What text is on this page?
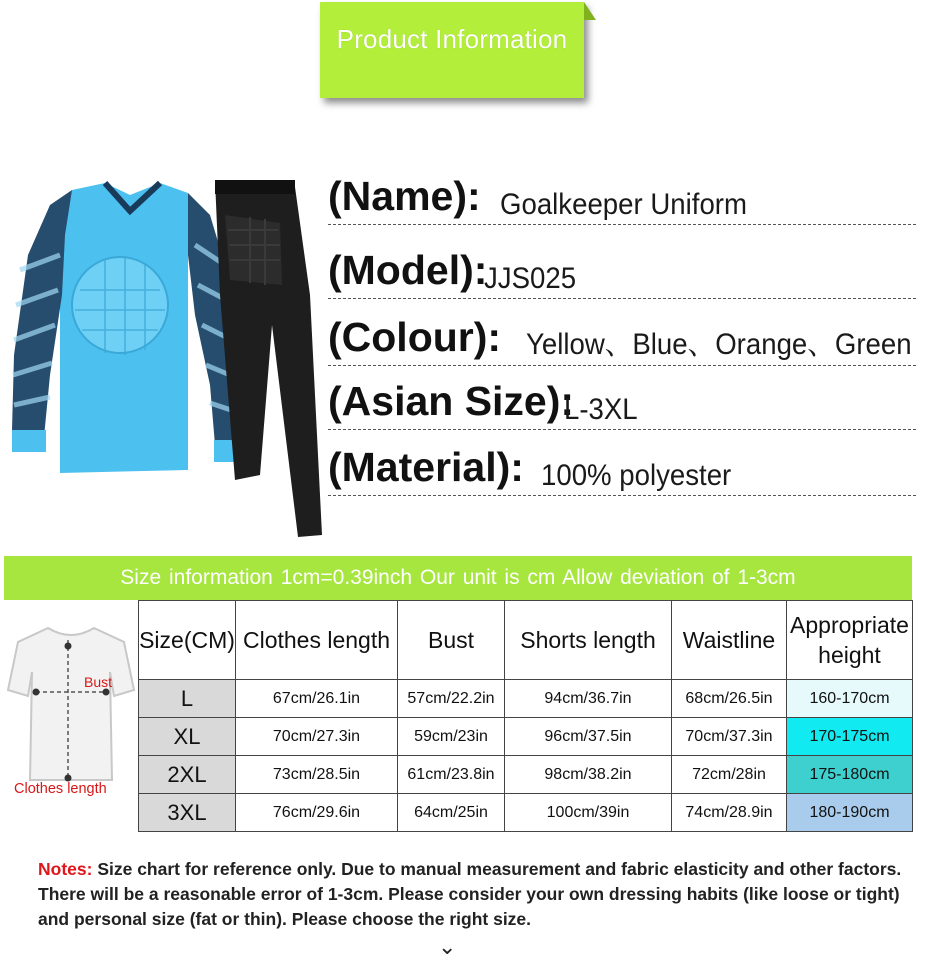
Product Information
(Name): Goalkeeper Uniform
(Model):
JJS025
(Colour): Yellow、Blue、Orange、Green
(Asian Size):
L-3XL
(Material): 100% polyester
Size information 1cm=0.39inch Our unit is cm Allow deviation of 1-3cm
Bust
Clothes length
Size(CM)	Clothes length	Bust	Shorts length	Waistline	Appropriate height
L	67cm/26.1in	57cm/22.2in	94cm/36.7in	68cm/26.5in	160-170cm
XL	70cm/27.3in	59cm/23in	96cm/37.5in	70cm/37.3in	170-175cm
2XL	73cm/28.5in	61cm/23.8in	98cm/38.2in	72cm/28in	175-180cm
3XL	76cm/29.6in	64cm/25in	100cm/39in	74cm/28.9in	180-190cm
Notes: Size chart for reference only. Due to manual measurement and fabric elasticity and other factors. There will be a reasonable error of 1-3cm. Please consider your own dressing habits (like loose or tight) and personal size (fat or thin). Please choose the right size.
⌄
